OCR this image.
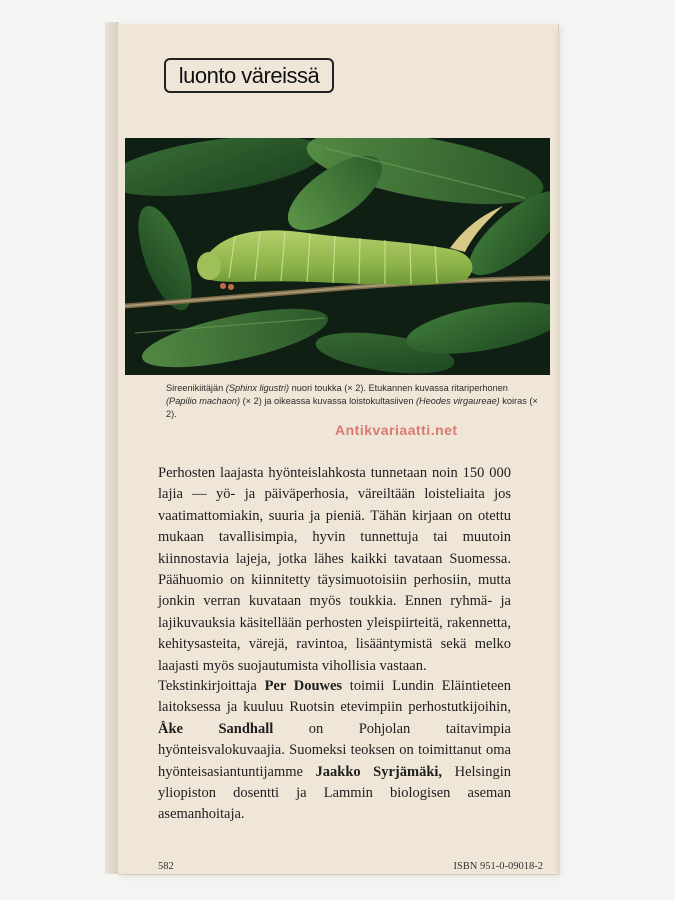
luonto väreissä
Sireenikiitäjän (Sphinx ligustri) nuori toukka (× 2). Etukannen kuvassa ritariperhonen (Papilio machaon) (× 2) ja oikeassa kuvassa loistokultasiiven (Heodes virgaureae) koiras (× 2).
Antikvariaatti.net

Perhosten laajasta hyönteislahkosta tunnetaan noin 150 000 lajia — yö- ja päiväperhosia, väreiltään loisteliaita jos vaatimattomiakin, suuria ja pieniä. Tähän kirjaan on otettu mukaan tavallisimpia, hyvin tunnettuja tai muutoin kiinnostavia lajeja, jotka lähes kaikki tavataan Suomessa. Päähuomio on kiinnitetty täysimuotoisiin perhosiin, mutta jonkin verran kuvataan myös toukkia. Ennen ryhmä- ja lajikuvauksia käsitellään perhosten yleispiirteitä, rakennetta, kehitysasteita, värejä, ravintoa, lisääntymistä sekä melko laajasti myös suojautumista vihollisia vastaan.

Tekstinkirjoittaja Per Douwes toimii Lundin Eläintieteen laitoksessa ja kuuluu Ruotsin etevimpiin perhostutkijoihin, Åke Sandhall on Pohjolan taitavimpia hyönteisvalokuvaajia. Suomeksi teoksen on toimittanut oma hyönteisasiantuntijamme Jaakko Syrjämäki, Helsingin yliopiston dosentti ja Lammin biologisen aseman asemanhoitaja.

582	ISBN 951-0-09018-2
